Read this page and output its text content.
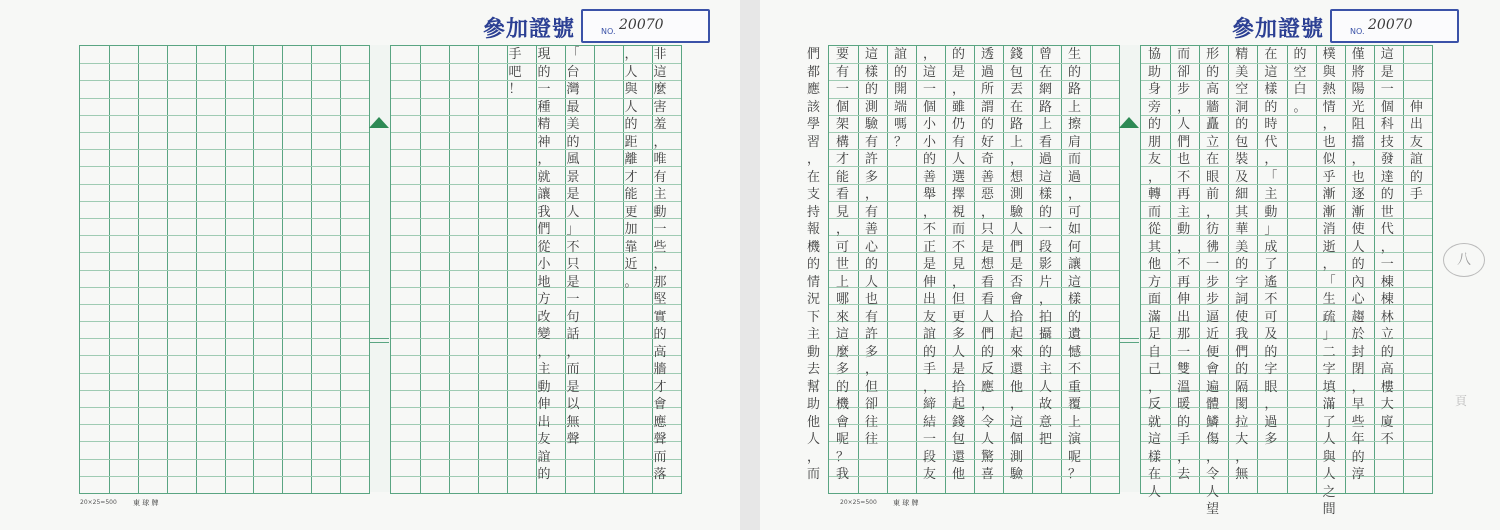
參加證號	NO. 20070
20×25=500 東 球 牌
非
這
麼
害
羞
，
唯
有
主
動
一
些
，
那
堅
實
的
高
牆
才
會
應
聲
而
落
，
人
與
人
的
距
離
才
能
更
加
靠
近
。
「
台
灣
最
美
的
風
景
是
人
」
不
只
是
一
句
話
，
而
是
以
無
聲
現
的
一
種
精
神
，
就
讓
我
們
從
小
地
方
改
變
，
主
動
伸
出
友
誼
的
手
吧
！
參加證號	NO. 20070
20×25=500 東 球 牌
伸
出
友
誼
的
手
這
是
一
個
科
技
發
達
的
世
代
，
一
棟
棟
林
立
的
高
樓
大
廈
不
僅
將
陽
光
阻
擋
，
也
逐
漸
使
人
的
內
心
趨
於
封
閉
，
早
些
年
的
淳
樸
與
熱
情
，
也
似
乎
漸
漸
消
逝
，
「
生
疏
」
二
字
填
滿
了
人
與
人
之
間
的
空
白
。
在
這
樣
的
時
代
，
「
主
動
」
成
了
遙
不
可
及
的
字
眼
，
過
多
精
美
空
洞
的
包
裝
及
細
其
華
美
的
字
詞
使
我
們
的
隔
閡
拉
大
，
無
形
的
高
牆
矗
立
在
眼
前
，
彷
彿
一
步
步
逼
近
便
會
遍
體
鱗
傷
，
令
人
望
而
卻
步
，
人
們
也
不
再
主
動
，
不
再
伸
出
那
一
雙
溫
暖
的
手
，
去
協
助
身
旁
的
朋
友
，
轉
而
從
其
他
方
面
滿
足
自
己
，
反
就
這
樣
在
人
生
的
路
上
擦
肩
而
過
，
可
如
何
讓
這
樣
的
遺
憾
不
重
覆
上
演
呢
？
曾
在
網
路
上
看
過
這
樣
的
一
段
影
片
，
拍
攝
的
主
人
故
意
把
錢
包
丟
在
路
上
，
想
測
驗
人
們
是
否
會
拾
起
來
還
他
，
這
個
測
驗
透
過
所
謂
的
好
奇
善
惡
，
只
是
想
看
看
人
們
的
反
應
，
令
人
驚
喜
的
是
，
雖
仍
有
人
選
擇
視
而
不
見
，
但
更
多
人
是
拾
起
錢
包
還
他
，
這
一
個
小
小
的
善
舉
，
不
正
是
伸
出
友
誼
的
手
，
締
結
一
段
友
誼
的
開
端
嗎
？
這
樣
的
測
驗
有
許
多
，
有
善
心
的
人
也
有
許
多
，
但
卻
往
往
要
有
一
個
架
構
才
能
看
見
，
可
世
上
哪
來
這
麼
多
的
機
會
呢
？
我
們
都
應
該
學
習
，
在
支
持
報
機
的
情
況
下
主
動
去
幫
助
他
人
，
而
八
頁
